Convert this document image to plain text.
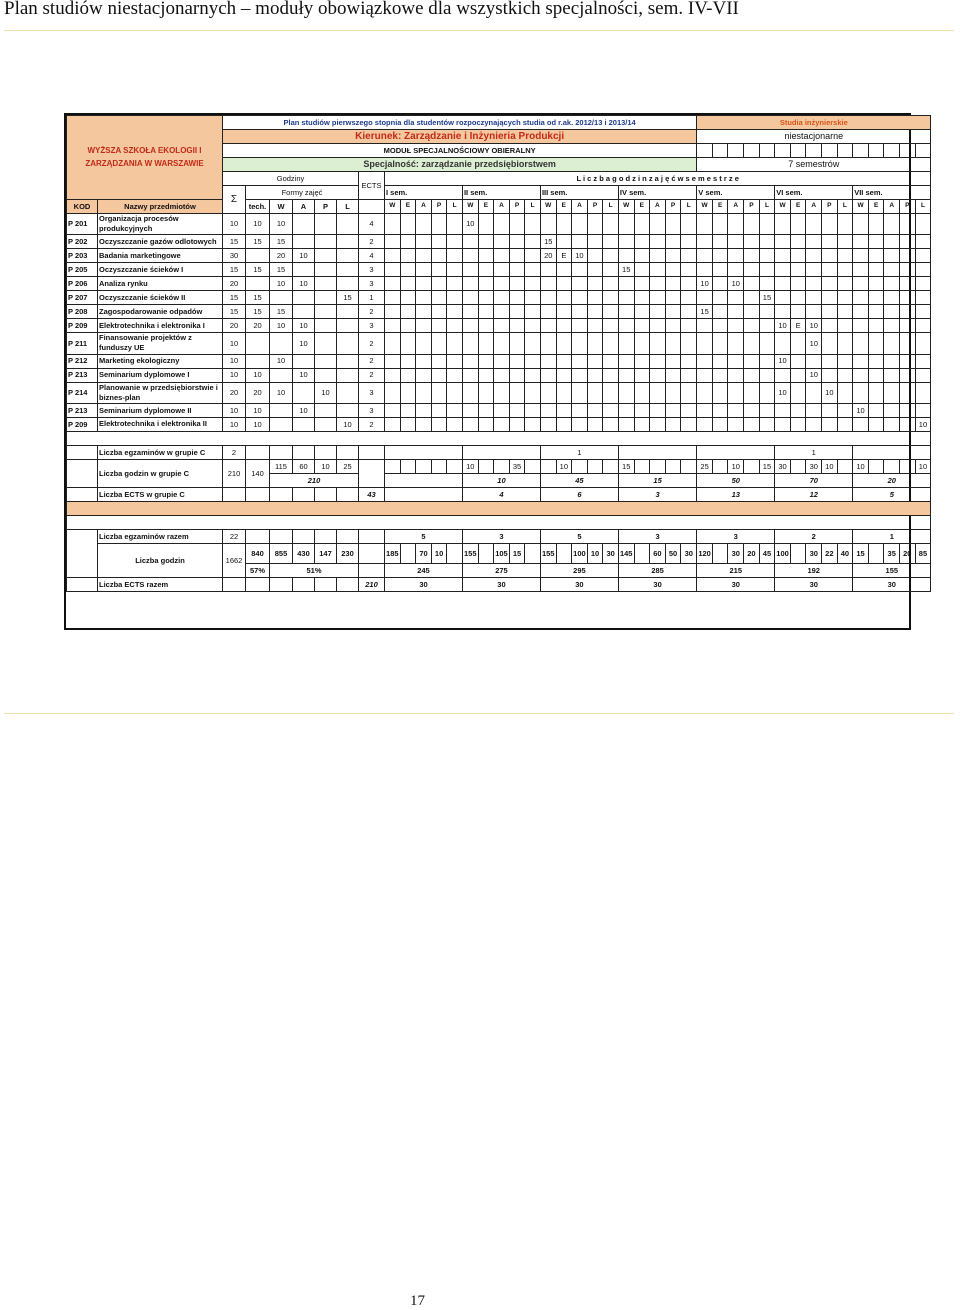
Plan studiów niestacjonarnych – moduły obowiązkowe dla wszystkich specjalności, sem. IV-VII
WYŻSZA SZKOŁA EKOLOGII I ZARZĄDZANIA W WARSZAWIE		Plan studiów pierwszego stopnia dla studentów rozpoczynających studia od r.ak. 2012/13 i 2013/14																											Studia inżynierskie														
		Kierunek: Zarządzanie i Inżynieria Produkcji																											niestacjonarne														
		MODUŁ SPECJALNOŚCIOWY OBIERALNY																																									
		Specjalność: zarządzanie przedsiębiorstwem																											7 semestrów														
		Godziny						ECTS	L i c z b a g o d z i n z a j ę ć w s e m e s t r z e																																		
		Σ	Formy zajęć						I sem.					II sem.					III sem.					IV sem.					V sem.					VI sem.					VII sem.				
KOD	Nazwy przedmiotów		tech.	W	A	P	L		W	E	A	P	L	W	E	A	P	L	W	E	A	P	L	W	E	A	P	L	W	E	A	P	L	W	E	A	P	L	W	E	A	P	L
P 201	Organizacja procesów produkcyjnych	10	10	10				4						10																													
P 202	Oczyszczanie gazów odlotowych	15	15	15				2											15																								
P 203	Badania marketingowe	30		20	10			4											20	E	10																						
P 205	Oczyszczanie ścieków I	15	15	15				3																15																			
P 206	Analiza rynku	20		10	10			3																					10		10												
P 207	Oczyszczanie ścieków II	15	15				15	1																									15										
P 208	Zagospodarowanie odpadów	15	15	15				2																					15														
P 209	Elektrotechnika i elektronika I	20	20	10	10			3																										10	E	10							
P 211	Finansowanie projektów z funduszy UE	10			10			2																												10							
P 212	Marketing ekologiczny	10		10				2																										10									
P 213	Seminarium dyplomowe I	10	10		10			2																												10							
P 214	Planowanie w przedsiębiorstwie i biznes-plan	20	20	10		10		3																										10			10						
P 213	Seminarium dyplomowe II	10	10		10			3																															10				
P 209	Elektrotechnika i elektronika II	10	10				10	2																																			10

	Liczba egzaminów w grupie C	2																	1															1									
	Liczba godzin w grupie C	210	140	115	60	10	25							10			35			10				15					25		10		15	30		30	10		10				10
				210										10					45					15					50					70					20				
	Liczba ECTS w grupie C							43						4					6					3					13					12					5				

	Liczba egzaminów razem	22							5					3					5					3					3					2					1				
	Liczba godzin	1662	840	855	430	147	230		185		70	10		155		105	15		155		100	10	30	145		60	50	30	120		30	20	45	100		30	22	40	15		35	20	85
			57%	51%					245					275					295					285					215					192					155				
	Liczba ECTS razem							210	30					30					30					30					30					30					30				
17
